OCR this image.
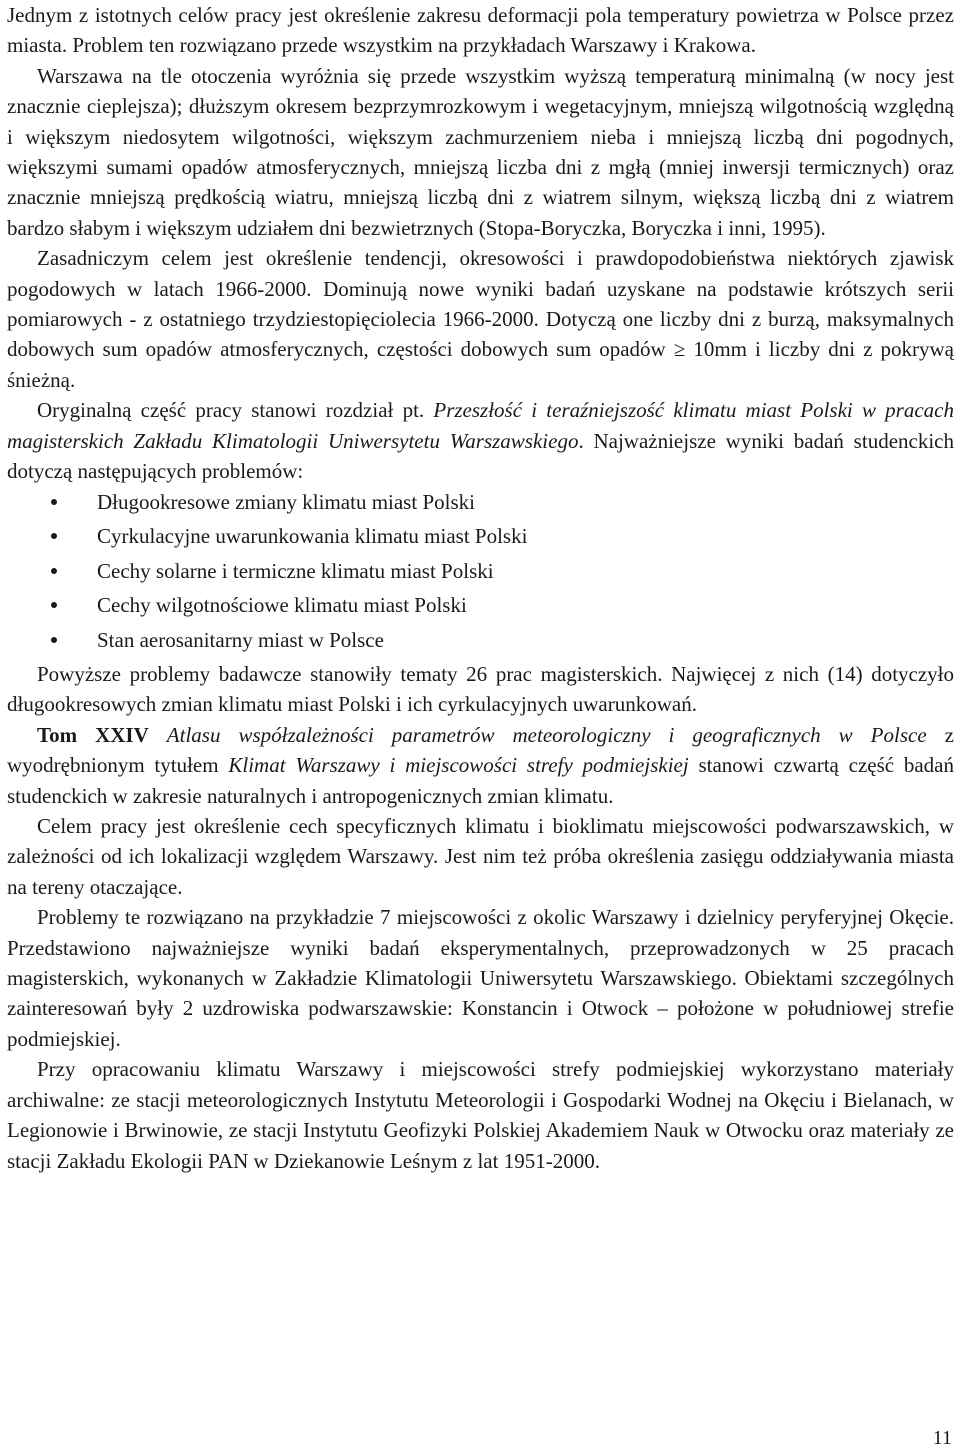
Jednym z istotnych celów pracy jest określenie zakresu deformacji pola temperatury powietrza w Polsce przez miasta. Problem ten rozwiązano przede wszystkim na przykładach Warszawy i Krakowa.

Warszawa na tle otoczenia wyróżnia się przede wszystkim wyższą temperaturą minimalną (w nocy jest znacznie cieplejsza); dłuższym okresem bezprzymrozkowym i wegetacyjnym, mniejszą wilgotnością względną i większym niedosytem wilgotności, większym zachmurzeniem nieba i mniejszą liczbą dni pogodnych, większymi sumami opadów atmosferycznych, mniejszą liczba dni z mgłą (mniej inwersji termicznych) oraz znacznie mniejszą prędkością wiatru, mniejszą liczbą dni z wiatrem silnym, większą liczbą dni z wiatrem bardzo słabym i większym udziałem dni bezwietrznych (Stopa-Boryczka, Boryczka i inni, 1995).

Zasadniczym celem jest określenie tendencji, okresowości i prawdopodobieństwa niektórych zjawisk pogodowych w latach 1966-2000. Dominują nowe wyniki badań uzyskane na podstawie krótszych serii pomiarowych - z ostatniego trzydziestopięciolecia 1966-2000. Dotyczą one liczby dni z burzą, maksymalnych dobowych sum opadów atmosferycznych, częstości dobowych sum opadów ≥ 10mm i liczby dni z pokrywą śnieżną.

Oryginalną część pracy stanowi rozdział pt. Przeszłość i teraźniejszość klimatu miast Polski w pracach magisterskich Zakładu Klimatologii Uniwersytetu Warszawskiego. Najważniejsze wyniki badań studenckich dotyczą następujących problemów:

Długookresowe zmiany klimatu miast Polski
Cyrkulacyjne uwarunkowania klimatu miast Polski
Cechy solarne i termiczne klimatu miast Polski
Cechy wilgotnościowe klimatu miast Polski
Stan aerosanitarny miast w Polsce

Powyższe problemy badawcze stanowiły tematy 26 prac magisterskich. Najwięcej z nich (14) dotyczyło długookresowych zmian klimatu miast Polski i ich cyrkulacyjnych uwarunkowań.

Tom XXIV Atlasu współzależności parametrów meteorologiczny i geograficznych w Polsce z wyodrębnionym tytułem Klimat Warszawy i miejscowości strefy podmiejskiej stanowi czwartą część badań studenckich w zakresie naturalnych i antropogenicznych zmian klimatu.

Celem pracy jest określenie cech specyficznych klimatu i bioklimatu miejscowości podwarszawskich, w zależności od ich lokalizacji względem Warszawy. Jest nim też próba określenia zasięgu oddziaływania miasta na tereny otaczające.

Problemy te rozwiązano na przykładzie 7 miejscowości z okolic Warszawy i dzielnicy peryferyjnej Okęcie. Przedstawiono najważniejsze wyniki badań eksperymentalnych, przeprowadzonych w 25 pracach magisterskich, wykonanych w Zakładzie Klimatologii Uniwersytetu Warszawskiego. Obiektami szczególnych zainteresowań były 2 uzdrowiska podwarszawskie: Konstancin i Otwock – położone w południowej strefie podmiejskiej.

Przy opracowaniu klimatu Warszawy i miejscowości strefy podmiejskiej wykorzystano materiały archiwalne: ze stacji meteorologicznych Instytutu Meteorologii i Gospodarki Wodnej na Okęciu i Bielanach, w Legionowie i Brwinowie, ze stacji Instytutu Geofizyki Polskiej Akademiem Nauk w Otwocku oraz materiały ze stacji Zakładu Ekologii PAN w Dziekanowie Leśnym z lat 1951-2000.

11
